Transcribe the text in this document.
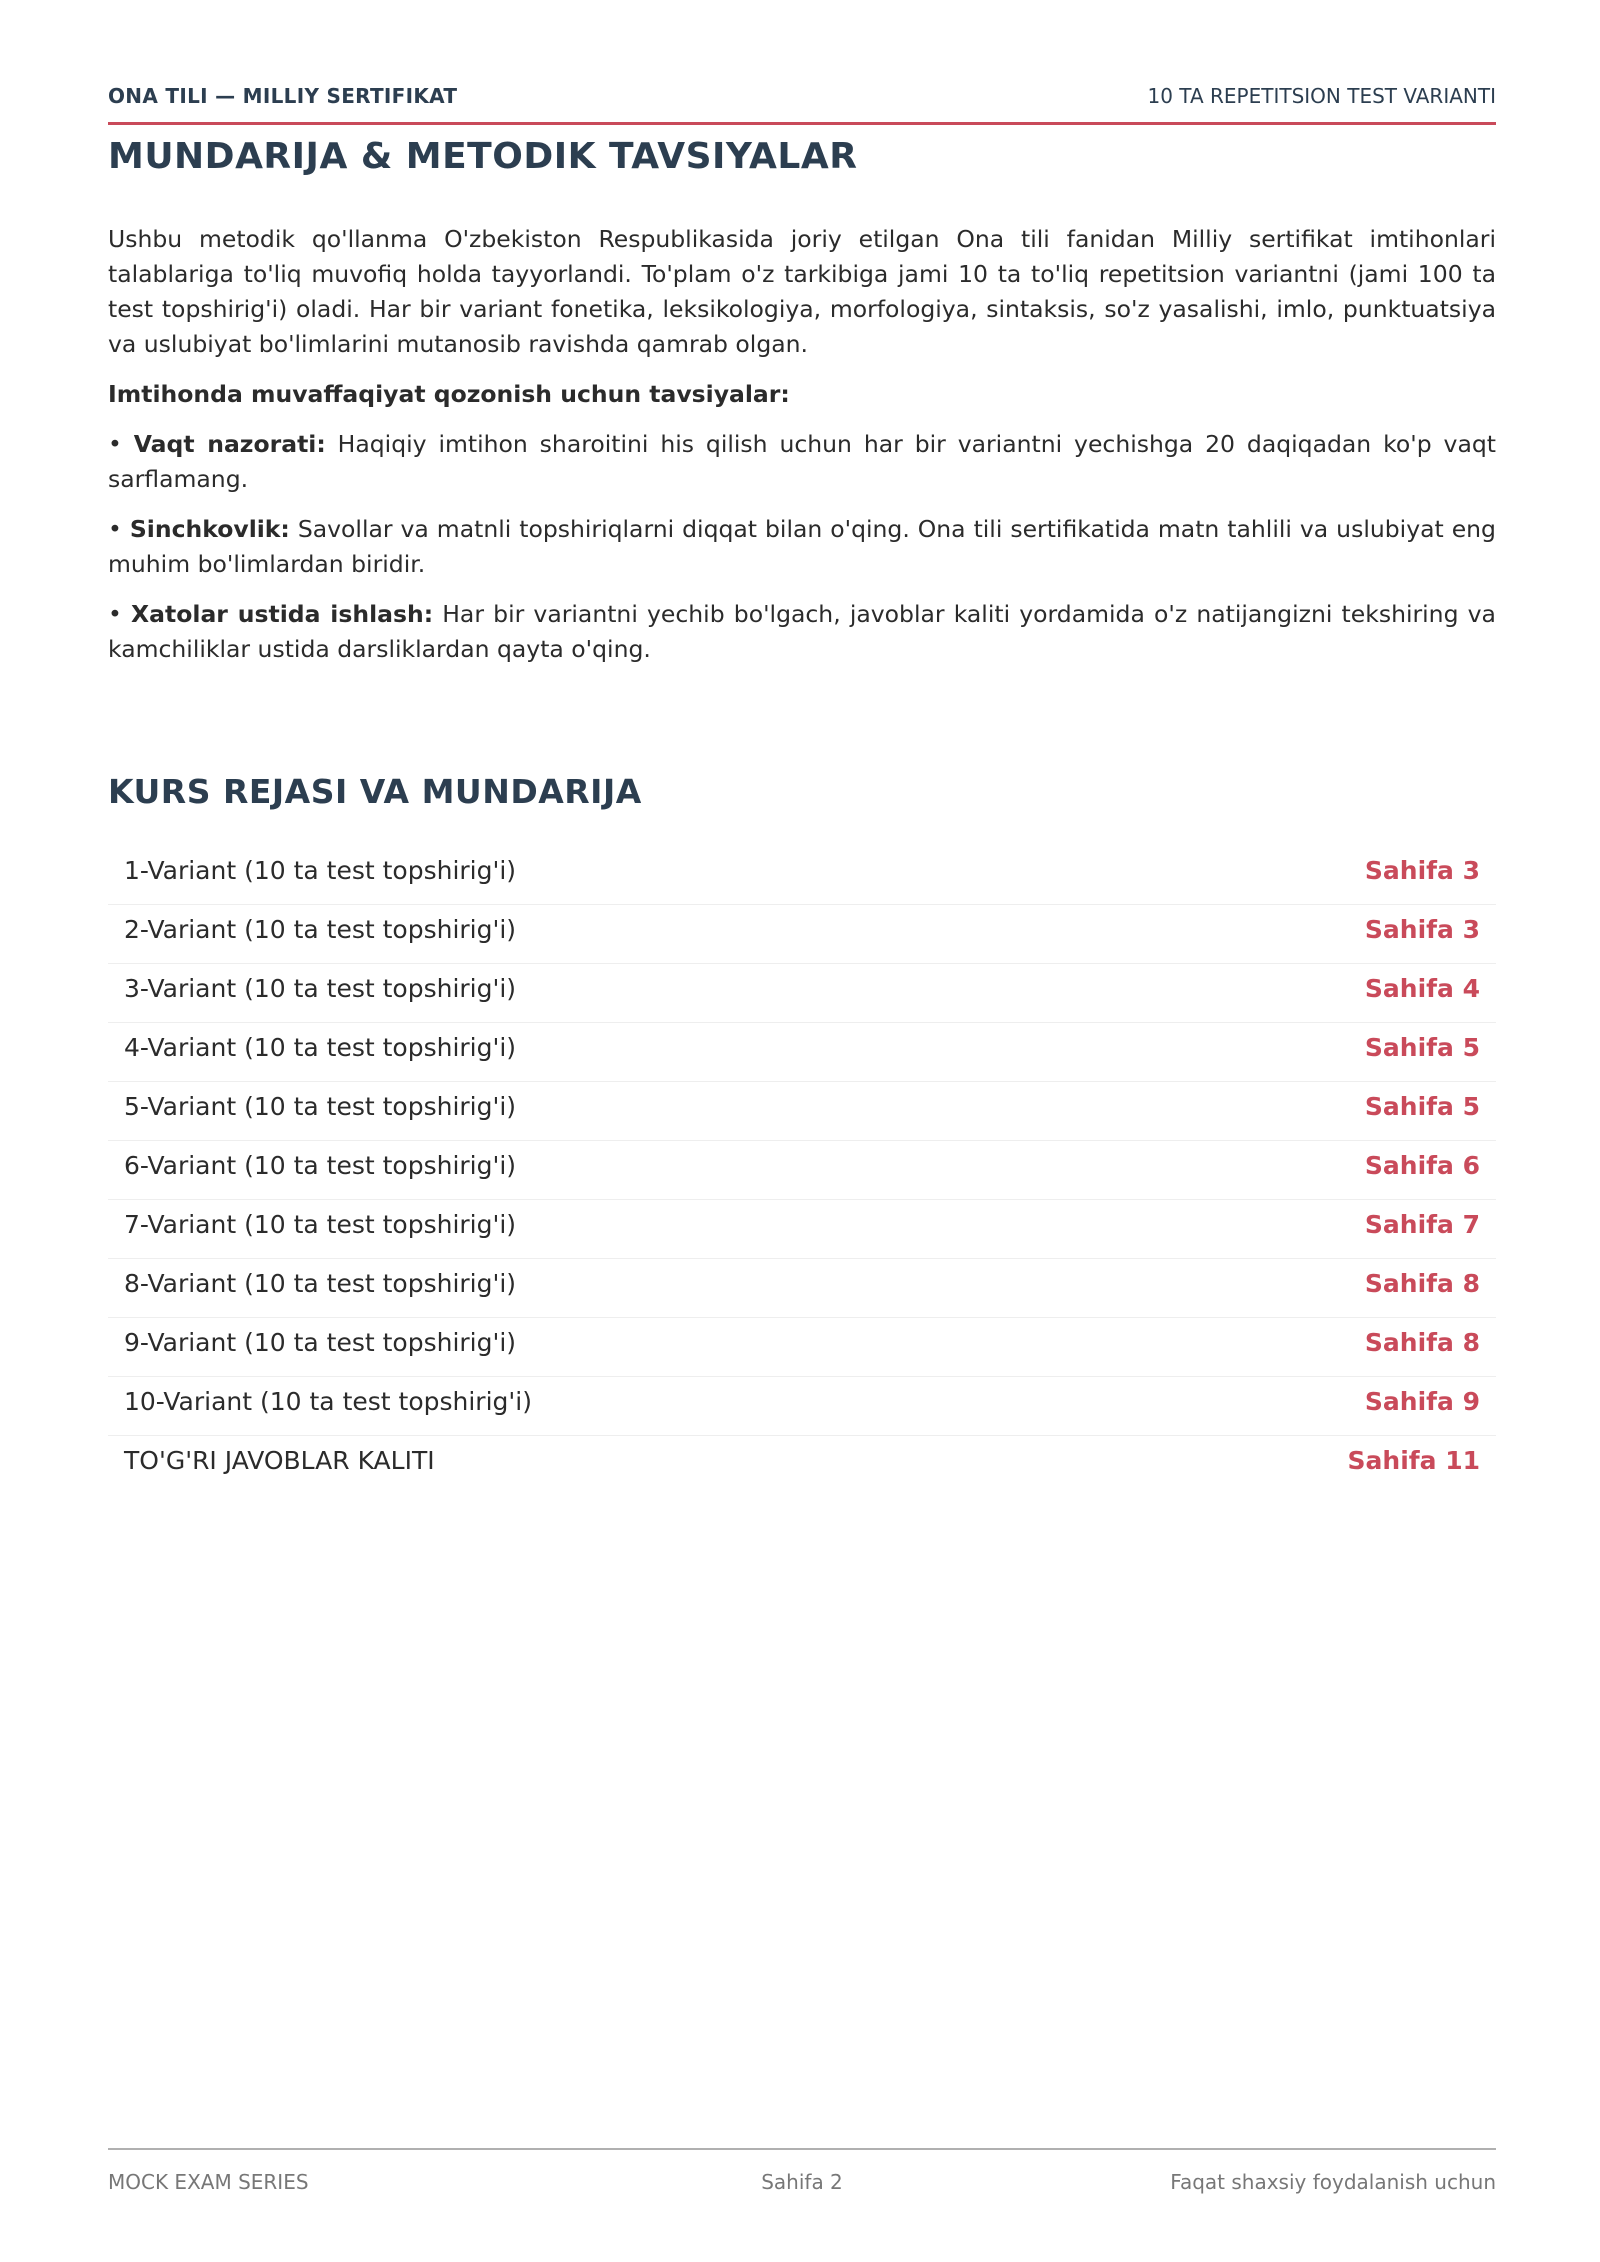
ONA TILI — MILLIY SERTIFIKAT	10 TA REPETITSION TEST VARIANTI
MUNDARIJA & METODIK TAVSIYALAR

Ushbu metodik qo'llanma O'zbekiston Respublikasida joriy etilgan Ona tili fanidan Milliy sertifikat imtihonlari talablariga to'liq muvofiq holda tayyorlandi. To'plam o'z tarkibiga jami 10 ta to'liq repetitsion variantni (jami 100 ta test topshirig'i) oladi. Har bir variant fonetika, leksikologiya, morfologiya, sintaksis, so'z yasalishi, imlo, punktuatsiya va uslubiyat bo'limlarini mutanosib ravishda qamrab olgan.

Imtihonda muvaffaqiyat qozonish uchun tavsiyalar:

• Vaqt nazorati: Haqiqiy imtihon sharoitini his qilish uchun har bir variantni yechishga 20 daqiqadan ko'p vaqt sarflamang.

• Sinchkovlik: Savollar va matnli topshiriqlarni diqqat bilan o'qing. Ona tili sertifikatida matn tahlili va uslubiyat eng muhim bo'limlardan biridir.

• Xatolar ustida ishlash: Har bir variantni yechib bo'lgach, javoblar kaliti yordamida o'z natijangizni tekshiring va kamchiliklar ustida darsliklardan qayta o'qing.

KURS REJASI VA MUNDARIJA
1-Variant (10 ta test topshirig'i)	Sahifa 3
2-Variant (10 ta test topshirig'i)	Sahifa 3
3-Variant (10 ta test topshirig'i)	Sahifa 4
4-Variant (10 ta test topshirig'i)	Sahifa 5
5-Variant (10 ta test topshirig'i)	Sahifa 5
6-Variant (10 ta test topshirig'i)	Sahifa 6
7-Variant (10 ta test topshirig'i)	Sahifa 7
8-Variant (10 ta test topshirig'i)	Sahifa 8
9-Variant (10 ta test topshirig'i)	Sahifa 8
10-Variant (10 ta test topshirig'i)	Sahifa 9
TO'G'RI JAVOBLAR KALITI	Sahifa 11
MOCK EXAM SERIES	Sahifa 2	Faqat shaxsiy foydalanish uchun
